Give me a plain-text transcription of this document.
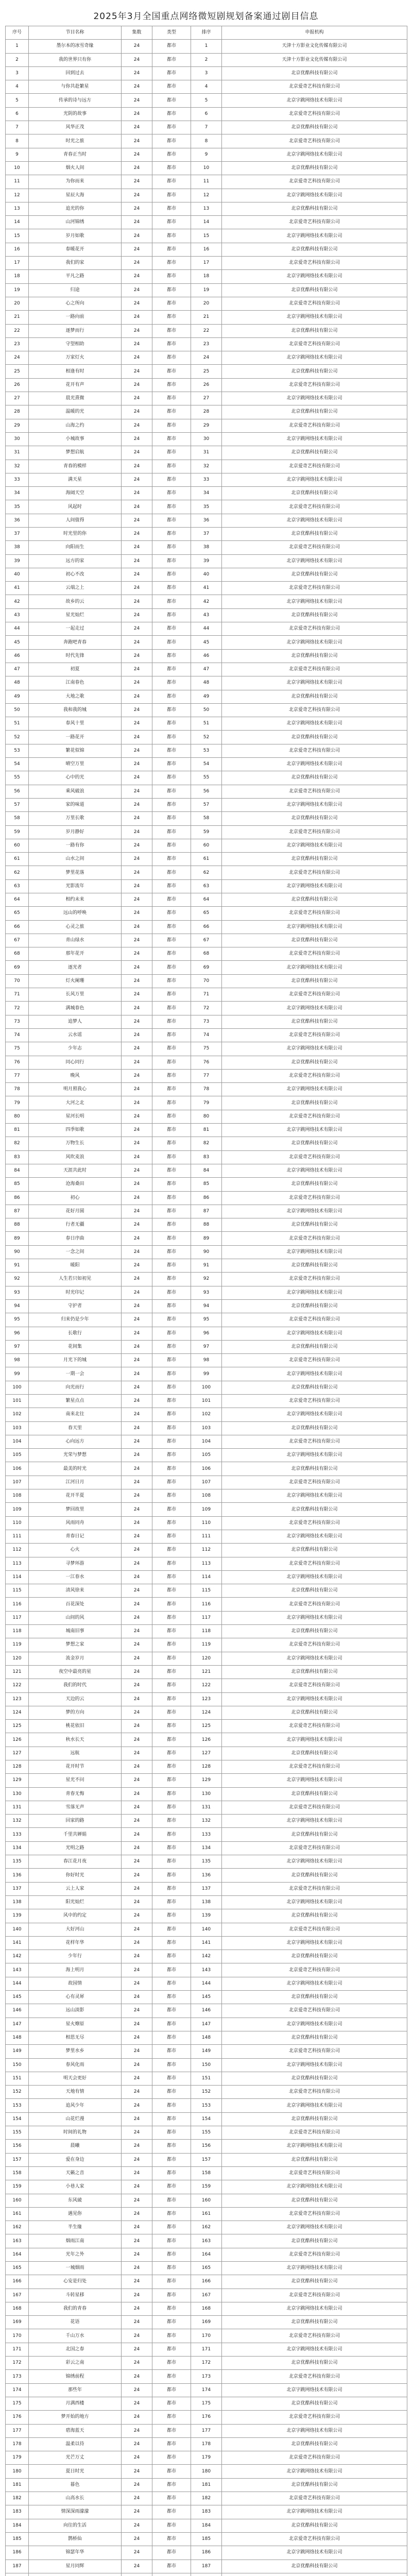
2025年3月全国重点网络微短剧规划备案通过剧目信息
序号	节目名称	集数	类型	排序	申报机构
1	墨尔本的冰雪奇缘	24	都市	1	天津十方影业文化传媒有限公司
2	我的世界只有你	24	都市	2	天津十方影业文化传媒有限公司
3	回到过去	24	都市	3	北京优酷科技有限公司
4	与你共赴繁星	24	都市	4	北京爱奇艺科技有限公司
5	传承的诗与远方	24	都市	5	北京字跳网络技术有限公司
6	光阴的故事	24	都市	6	北京爱奇艺科技有限公司
7	风华正茂	24	都市	7	北京优酷科技有限公司
8	时光之旅	24	都市	8	北京爱奇艺科技有限公司
9	青春正当时	24	都市	9	北京字跳网络技术有限公司
10	烟火人间	24	都市	10	北京优酷科技有限公司
11	为你而来	24	都市	11	北京爱奇艺科技有限公司
12	星辰大海	24	都市	12	北京字跳网络技术有限公司
13	追光的你	24	都市	13	北京优酷科技有限公司
14	山河锦绣	24	都市	14	北京爱奇艺科技有限公司
15	岁月如歌	24	都市	15	北京字跳网络技术有限公司
16	春暖花开	24	都市	16	北京优酷科技有限公司
17	我们的家	24	都市	17	北京爱奇艺科技有限公司
18	平凡之路	24	都市	18	北京字跳网络技术有限公司
19	归途	24	都市	19	北京优酷科技有限公司
20	心之所向	24	都市	20	北京爱奇艺科技有限公司
21	一路向前	24	都市	21	北京字跳网络技术有限公司
22	逐梦而行	24	都市	22	北京优酷科技有限公司
23	守望相助	24	都市	23	北京爱奇艺科技有限公司
24	万家灯火	24	都市	24	北京字跳网络技术有限公司
25	相逢有时	24	都市	25	北京优酷科技有限公司
26	花开有声	24	都市	26	北京爱奇艺科技有限公司
27	晨光熹微	24	都市	27	北京字跳网络技术有限公司
28	温暖的光	24	都市	28	北京优酷科技有限公司
29	山海之约	24	都市	29	北京爱奇艺科技有限公司
30	小城故事	24	都市	30	北京字跳网络技术有限公司
31	梦想启航	24	都市	31	北京优酷科技有限公司
32	青春的模样	24	都市	32	北京爱奇艺科技有限公司
33	满天星	24	都市	33	北京字跳网络技术有限公司
34	海阔天空	24	都市	34	北京优酷科技有限公司
35	风起时	24	都市	35	北京爱奇艺科技有限公司
36	人间值得	24	都市	36	北京字跳网络技术有限公司
37	时光里的你	24	都市	37	北京优酷科技有限公司
38	向阳而生	24	都市	38	北京爱奇艺科技有限公司
39	远方的家	24	都市	39	北京字跳网络技术有限公司
40	初心不改	24	都市	40	北京优酷科技有限公司
41	云端之上	24	都市	41	北京爱奇艺科技有限公司
42	故乡的云	24	都市	42	北京字跳网络技术有限公司
43	星光灿烂	24	都市	43	北京优酷科技有限公司
44	一起走过	24	都市	44	北京爱奇艺科技有限公司
45	奔跑吧青春	24	都市	45	北京字跳网络技术有限公司
46	时代先锋	24	都市	46	北京优酷科技有限公司
47	初夏	24	都市	47	北京爱奇艺科技有限公司
48	江南春色	24	都市	48	北京字跳网络技术有限公司
49	大地之歌	24	都市	49	北京优酷科技有限公司
50	我和我的城	24	都市	50	北京爱奇艺科技有限公司
51	春风十里	24	都市	51	北京字跳网络技术有限公司
52	一路花开	24	都市	52	北京优酷科技有限公司
53	繁花似锦	24	都市	53	北京爱奇艺科技有限公司
54	晴空万里	24	都市	54	北京字跳网络技术有限公司
55	心中的光	24	都市	55	北京优酷科技有限公司
56	乘风破浪	24	都市	56	北京爱奇艺科技有限公司
57	家的味道	24	都市	57	北京字跳网络技术有限公司
58	万里长歌	24	都市	58	北京优酷科技有限公司
59	岁月静好	24	都市	59	北京爱奇艺科技有限公司
60	一路有你	24	都市	60	北京字跳网络技术有限公司
61	山水之间	24	都市	61	北京优酷科技有限公司
62	梦里花落	24	都市	62	北京爱奇艺科技有限公司
63	光影流年	24	都市	63	北京字跳网络技术有限公司
64	相约未来	24	都市	64	北京优酷科技有限公司
65	远山的呼唤	24	都市	65	北京爱奇艺科技有限公司
66	心灵之旅	24	都市	66	北京字跳网络技术有限公司
67	青山绿水	24	都市	67	北京优酷科技有限公司
68	那年花开	24	都市	68	北京爱奇艺科技有限公司
69	逐光者	24	都市	69	北京字跳网络技术有限公司
70	灯火阑珊	24	都市	70	北京优酷科技有限公司
71	长风万里	24	都市	71	北京爱奇艺科技有限公司
72	满城春色	24	都市	72	北京字跳网络技术有限公司
73	追梦人	24	都市	73	北京优酷科技有限公司
74	云水谣	24	都市	74	北京爱奇艺科技有限公司
75	少年志	24	都市	75	北京字跳网络技术有限公司
76	同心同行	24	都市	76	北京优酷科技有限公司
77	晚风	24	都市	77	北京爱奇艺科技有限公司
78	明月照我心	24	都市	78	北京字跳网络技术有限公司
79	大河之北	24	都市	79	北京优酷科技有限公司
80	星河长明	24	都市	80	北京爱奇艺科技有限公司
81	四季如歌	24	都市	81	北京字跳网络技术有限公司
82	万物生长	24	都市	82	北京优酷科技有限公司
83	风吹麦浪	24	都市	83	北京爱奇艺科技有限公司
84	天涯共此时	24	都市	84	北京字跳网络技术有限公司
85	沧海桑田	24	都市	85	北京优酷科技有限公司
86	初心	24	都市	86	北京爱奇艺科技有限公司
87	花好月圆	24	都市	87	北京字跳网络技术有限公司
88	行者无疆	24	都市	88	北京优酷科技有限公司
89	春日序曲	24	都市	89	北京爱奇艺科技有限公司
90	一念之间	24	都市	90	北京字跳网络技术有限公司
91	暖阳	24	都市	91	北京优酷科技有限公司
92	人生若只如初见	24	都市	92	北京爱奇艺科技有限公司
93	时光印记	24	都市	93	北京字跳网络技术有限公司
94	守护者	24	都市	94	北京优酷科技有限公司
95	归来仍是少年	24	都市	95	北京爱奇艺科技有限公司
96	长歌行	24	都市	96	北京字跳网络技术有限公司
97	花间集	24	都市	97	北京优酷科技有限公司
98	月光下的城	24	都市	98	北京爱奇艺科技有限公司
99	一期一会	24	都市	99	北京字跳网络技术有限公司
100	向光而行	24	都市	100	北京优酷科技有限公司
101	繁星点点	24	都市	101	北京爱奇艺科技有限公司
102	南来北往	24	都市	102	北京字跳网络技术有限公司
103	春天里	24	都市	103	北京优酷科技有限公司
104	心向远方	24	都市	104	北京爱奇艺科技有限公司
105	光荣与梦想	24	都市	105	北京字跳网络技术有限公司
106	最美的时光	24	都市	106	北京优酷科技有限公司
107	江河日月	24	都市	107	北京爱奇艺科技有限公司
108	花开半夏	24	都市	108	北京字跳网络技术有限公司
109	梦回故里	24	都市	109	北京优酷科技有限公司
110	风雨同舟	24	都市	110	北京爱奇艺科技有限公司
111	青春日记	24	都市	111	北京字跳网络技术有限公司
112	心火	24	都市	112	北京优酷科技有限公司
113	寻梦环游	24	都市	113	北京爱奇艺科技有限公司
114	一江春水	24	都市	114	北京字跳网络技术有限公司
115	清风徐来	24	都市	115	北京优酷科技有限公司
116	百花深处	24	都市	116	北京爱奇艺科技有限公司
117	山间的风	24	都市	117	北京字跳网络技术有限公司
118	城南旧事	24	都市	118	北京优酷科技有限公司
119	梦想之家	24	都市	119	北京爱奇艺科技有限公司
120	流金岁月	24	都市	120	北京字跳网络技术有限公司
121	夜空中最亮的星	24	都市	121	北京优酷科技有限公司
122	我们的时代	24	都市	122	北京爱奇艺科技有限公司
123	天边的云	24	都市	123	北京字跳网络技术有限公司
124	梦的方向	24	都市	124	北京优酷科技有限公司
125	桃花依旧	24	都市	125	北京爱奇艺科技有限公司
126	秋水长天	24	都市	126	北京字跳网络技术有限公司
127	远航	24	都市	127	北京优酷科技有限公司
128	花开时节	24	都市	128	北京爱奇艺科技有限公司
129	星光不问	24	都市	129	北京字跳网络技术有限公司
130	青春无悔	24	都市	130	北京优酷科技有限公司
131	雪落无声	24	都市	131	北京爱奇艺科技有限公司
132	回家的路	24	都市	132	北京字跳网络技术有限公司
133	千里共婵娟	24	都市	133	北京优酷科技有限公司
134	光明之路	24	都市	134	北京爱奇艺科技有限公司
135	春江花月夜	24	都市	135	北京字跳网络技术有限公司
136	你好时光	24	都市	136	北京优酷科技有限公司
137	云上人家	24	都市	137	北京爱奇艺科技有限公司
138	阳光灿烂	24	都市	138	北京字跳网络技术有限公司
139	风中的约定	24	都市	139	北京优酷科技有限公司
140	大好河山	24	都市	140	北京爱奇艺科技有限公司
141	花样年华	24	都市	141	北京字跳网络技术有限公司
142	少年行	24	都市	142	北京优酷科技有限公司
143	海上明月	24	都市	143	北京爱奇艺科技有限公司
144	故园情	24	都市	144	北京字跳网络技术有限公司
145	心有灵犀	24	都市	145	北京优酷科技有限公司
146	远山淡影	24	都市	146	北京爱奇艺科技有限公司
147	星火燎原	24	都市	147	北京字跳网络技术有限公司
148	相思无尽	24	都市	148	北京优酷科技有限公司
149	梦里水乡	24	都市	149	北京爱奇艺科技有限公司
150	春风化雨	24	都市	150	北京字跳网络技术有限公司
151	明天会更好	24	都市	151	北京优酷科技有限公司
152	天地有情	24	都市	152	北京爱奇艺科技有限公司
153	追风少年	24	都市	153	北京字跳网络技术有限公司
154	山花烂漫	24	都市	154	北京优酷科技有限公司
155	时间的礼物	24	都市	155	北京爱奇艺科技有限公司
156	晨曦	24	都市	156	北京字跳网络技术有限公司
157	爱在身边	24	都市	157	北京优酷科技有限公司
158	天籁之音	24	都市	158	北京爱奇艺科技有限公司
159	小巷人家	24	都市	159	北京字跳网络技术有限公司
160	东风破	24	都市	160	北京优酷科技有限公司
161	遇见你	24	都市	161	北京爱奇艺科技有限公司
162	半生缘	24	都市	162	北京字跳网络技术有限公司
163	烟雨江南	24	都市	163	北京优酷科技有限公司
164	光年之外	24	都市	164	北京爱奇艺科技有限公司
165	一城烟雨	24	都市	165	北京字跳网络技术有限公司
166	心安是归处	24	都市	166	北京优酷科技有限公司
167	斗转星移	24	都市	167	北京爱奇艺科技有限公司
168	我们的青春	24	都市	168	北京字跳网络技术有限公司
169	花语	24	都市	169	北京优酷科技有限公司
170	千山万水	24	都市	170	北京爱奇艺科技有限公司
171	北国之春	24	都市	171	北京字跳网络技术有限公司
172	彩云之南	24	都市	172	北京优酷科技有限公司
173	锦绣前程	24	都市	173	北京爱奇艺科技有限公司
174	那些年	24	都市	174	北京字跳网络技术有限公司
175	月满西楼	24	都市	175	北京优酷科技有限公司
176	梦开始的地方	24	都市	176	北京爱奇艺科技有限公司
177	碧海蓝天	24	都市	177	北京字跳网络技术有限公司
178	温柔以待	24	都市	178	北京优酷科技有限公司
179	光芒万丈	24	都市	179	北京爱奇艺科技有限公司
180	夏日时光	24	都市	180	北京字跳网络技术有限公司
181	暮色	24	都市	181	北京优酷科技有限公司
182	山高水长	24	都市	182	北京爱奇艺科技有限公司
183	情深深雨濛濛	24	都市	183	北京字跳网络技术有限公司
184	向往的生活	24	都市	184	北京优酷科技有限公司
185	鹊桥仙	24	都市	185	北京爱奇艺科技有限公司
186	锦瑟年华	24	都市	186	北京字跳网络技术有限公司
187	星月同辉	24	都市	187	北京优酷科技有限公司
